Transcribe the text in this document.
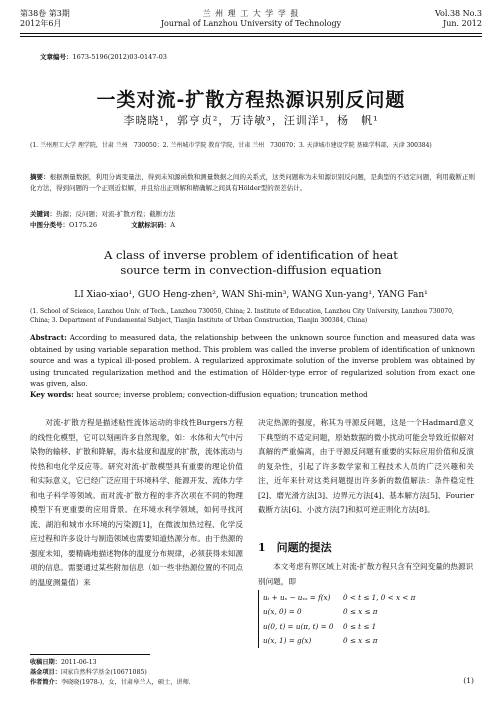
第38卷 第3期
2012年6月
兰 州 理 工 大 学 学 报
Journal of Lanzhou University of Technology
Vol.38 No.3
Jun. 2012
文章编号：1673-5196(2012)03-0147-03
一类对流-扩散方程热源识别反问题
李晓晓¹，郭亨贞²，万诗敏³，汪训洋¹，杨　帆¹
(1. 兰州理工大学 理学院，甘肃 兰州　730050；2. 兰州城市学院 教育学院，甘肃 兰州　730070；3. 天津城市建设学院 基础学科部，天津 300384)
摘要：根据测量数据，利用分离变量法，得到未知源函数和测量数据之间的关系式，这类问题称为未知源识别反问题，是典型的不适定问题，利用截断正则化方法，得到问题的一个正则近似解，并且给出正则解和精确解之间具有Hölder型的误差估计。
关键词：热源；反问题；对流-扩散方程；截断方法
中图分类号：O175.26	文献标识码：A
A class of inverse problem of identification of heat
source term in convection-diffusion equation
LI Xiao-xiao¹, GUO Heng-zhen², WAN Shi-min³, WANG Xun-yang¹, YANG Fan¹
(1. School of Science, Lanzhou Univ. of Tech., Lanzhou 730050, China; 2. Institute of Education, Lanzhou City University, Lanzhou 730070, China; 3. Department of Fundamental Subject, Tianjin Institute of Urban Construction, Tianjin 300384, China)
Abstract: According to measured data, the relationship between the unknown source function and measured data was obtained by using variable separation method. This problem was called the inverse problem of identification of unknown source and was a typical ill-posed problem. A regularized approximate solution of the inverse problem was obtained by using truncated regularization method and the estimation of Hölder-type error of regularized solution from exact one was given, also.
Key words: heat source; inverse problem; convection-diffusion equation; truncation method
对流-扩散方程是描述粘性流体运动的非线性Burgers方程的线性化模型，它可以刻画许多自然现象，如：水体和大气中污染物的输移、扩散和降解，海水盐度和温度的扩散，流体流动与传热和电化学反应等。研究对流-扩散模型具有重要的理论价值和实际意义，它已经广泛应用于环境科学、能源开发、流体力学和电子科学等领域。而对流-扩散方程的非齐次项在不同的物理模型下有更重要的应用背景。在环境水利学领域，如何寻找河流、湖泊和城市水环境的污染源[1]，在微波加热过程、化学反应过程和许多设计与制造领域也需要知道热源分布。由于热源的强度未知，要精确地描述物体的温度分布规律，必须获得未知源项的信息。需要通过某些附加信息（如一些非热源位置的不同点的温度测量值）来
决定热源的强度，称其为寻源反问题，这是一个Hadmard意义下典型的不适定问题，原始数据的微小扰动可能会导致近似解对真解的严重偏离，由于寻源反问题有重要的实际应用价值和反演的复杂性，引起了许多数学家和工程技术人员的广泛兴趣和关注，近年来针对这类问题提出许多新的数值解法：条件稳定性[2]、磨光滑方法[3]、边界元方法[4]、基本解方法[5]、Fourier截断方法[6]、小波方法[7]和拟可逆正则化方法[8]。
1　问题的提法
本文考虑有界区域上对流-扩散方程只含有空间变量的热源识别问题，即
uₜ + uₓ − uₓₓ = f(x)	0 < t ≤ 1, 0 < x < π
u(x, 0) = 0	0 ≤ x ≤ π
u(0, t) = u(π, t) = 0	0 ≤ t ≤ 1
u(x, 1) = g(x)	0 ≤ x ≤ π
(1)
收稿日期：2011-06-13
基金项目：国家自然科学基金(10671085)
作者简介：李晓晓(1978-)，女，甘肃皋兰人，硕士，讲师.
